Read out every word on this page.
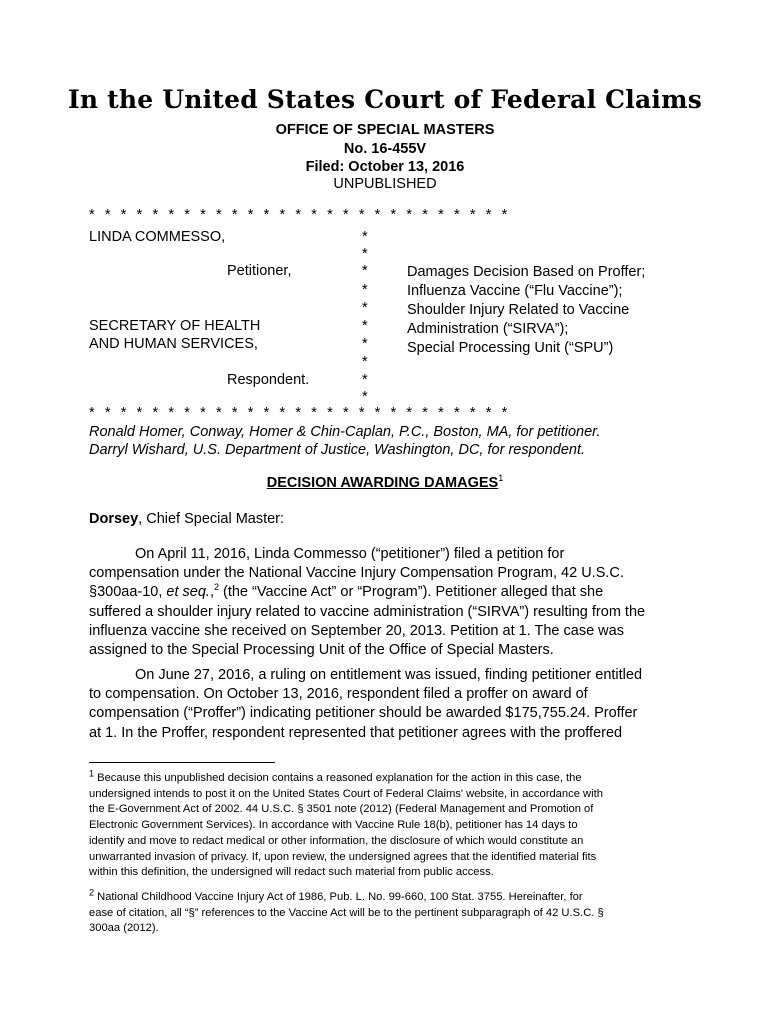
In the United States Court of Federal Claims
OFFICE OF SPECIAL MASTERS
No. 16-455V
Filed: October 13, 2016
UNPUBLISHED
* * * * * * * * * * * * * * * * * * * * * * * * * * *
LINDA COMMESSO,
Petitioner,
SECRETARY OF HEALTH
AND HUMAN SERVICES,
Respondent.
*
*
*
*
*
*
*
*
*
*
Damages Decision Based on Proffer;
Influenza Vaccine (“Flu Vaccine”);
Shoulder Injury Related to Vaccine
Administration (“SIRVA”);
Special Processing Unit (“SPU”)
* * * * * * * * * * * * * * * * * * * * * * * * * * *
Ronald Homer, Conway, Homer & Chin-Caplan, P.C., Boston, MA, for petitioner.
Darryl Wishard, U.S. Department of Justice, Washington, DC, for respondent.
DECISION AWARDING DAMAGES$^1$
Dorsey, Chief Special Master:
On April 11, 2016, Linda Commesso (“petitioner”) filed a petition for
compensation under the National Vaccine Injury Compensation Program, 42 U.S.C.
§300aa-10, et seq.,$^2$ (the “Vaccine Act” or “Program”). Petitioner alleged that she
suffered a shoulder injury related to vaccine administration (“SIRVA”) resulting from the
influenza vaccine she received on September 20, 2013. Petition at 1. The case was
assigned to the Special Processing Unit of the Office of Special Masters.
On June 27, 2016, a ruling on entitlement was issued, finding petitioner entitled
to compensation. On October 13, 2016, respondent filed a proffer on award of
compensation (“Proffer”) indicating petitioner should be awarded $175,755.24. Proffer
at 1. In the Proffer, respondent represented that petitioner agrees with the proffered
$^1$ Because this unpublished decision contains a reasoned explanation for the action in this case, the
undersigned intends to post it on the United States Court of Federal Claims' website, in accordance with
the E-Government Act of 2002. 44 U.S.C. § 3501 note (2012) (Federal Management and Promotion of
Electronic Government Services). In accordance with Vaccine Rule 18(b), petitioner has 14 days to
identify and move to redact medical or other information, the disclosure of which would constitute an
unwarranted invasion of privacy. If, upon review, the undersigned agrees that the identified material fits
within this definition, the undersigned will redact such material from public access.
$^2$ National Childhood Vaccine Injury Act of 1986, Pub. L. No. 99-660, 100 Stat. 3755. Hereinafter, for
ease of citation, all “§” references to the Vaccine Act will be to the pertinent subparagraph of 42 U.S.C. §
300aa (2012).
